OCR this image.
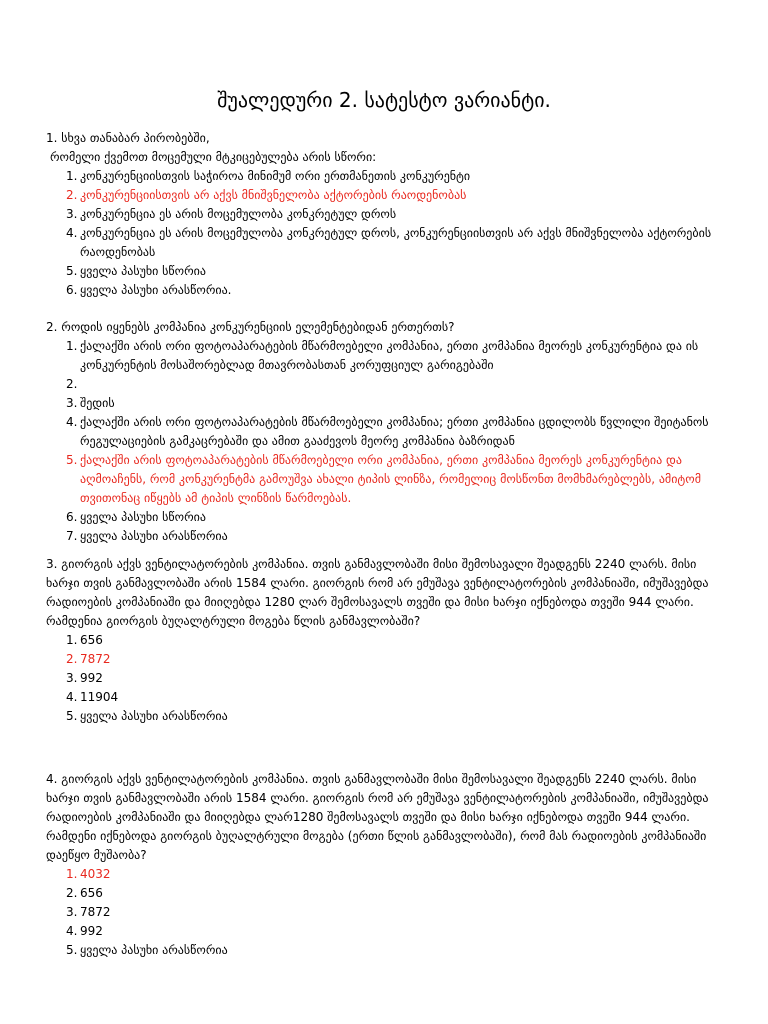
შუალედური 2. სატესტო ვარიანტი.
1. სხვა თანაბარ პირობებში,
რომელი ქვემოთ მოცემული მტკიცებულება არის სწორი:
1. კონკურენციისთვის საჭიროა მინიმუმ ორი ერთმანეთის კონკურენტი
2. კონკურენციისთვის არ აქვს მნიშვნელობა აქტორების რაოდენობას
3. კონკურენცია ეს არის მოცემულობა კონკრეტულ დროს
4. კონკურენცია ეს არის მოცემულობა კონკრეტულ დროს, კონკურენციისთვის არ აქვს მნიშვნელობა აქტორების რაოდენობას
5. ყველა პასუხი სწორია
6. ყველა პასუხი არასწორია.
2. როდის იყენებს კომპანია კონკურენციის ელემენტებიდან ერთერთს?
1. ქალაქში არის ორი ფოტოაპარატების მწარმოებელი კომპანია, ერთი კომპანია მეორეს კონკურენტია და ის კონკურენტის მოსაშორებლად მთავრობასთან კორუფციულ გარიგებაში
2.
3. შედის
4. ქალაქში არის ორი ფოტოაპარატების მწარმოებელი კომპანია; ერთი კომპანია ცდილობს წვლილი შეიტანოს რეგულაციების გამკაცრებაში და ამით გააძევოს მეორე კომპანია ბაზრიდან
5. ქალაქში არის ფოტოაპარატების მწარმოებელი ორი კომპანია, ერთი კომპანია მეორეს კონკურენტია და აღმოაჩენს, რომ კონკურენტმა გამოუშვა ახალი ტიპის ლინზა, რომელიც მოსწონთ მომხმარებლებს, ამიტომ თვითონაც იწყებს ამ ტიპის ლინზის წარმოებას.
6. ყველა პასუხი სწორია
7. ყველა პასუხი არასწორია
3. გიორგის აქვს ვენტილატორების კომპანია. თვის განმავლობაში მისი შემოსავალი შეადგენს 2240 ლარს. მისი ხარჯი თვის განმავლობაში არის 1584 ლარი. გიორგის რომ არ ემუშავა ვენტილატორების კომპანიაში, იმუშავებდა რადიოების კომპანიაში და მიიღებდა 1280 ლარ შემოსავალს თვეში და მისი ხარჯი იქნებოდა თვეში 944 ლარი. რამდენია გიორგის ბუღალტრული მოგება წლის განმავლობაში?
1. 656
2. 7872
3. 992
4. 11904
5. ყველა პასუხი არასწორია
4. გიორგის აქვს ვენტილატორების კომპანია. თვის განმავლობაში მისი შემოსავალი შეადგენს 2240 ლარს. მისი ხარჯი თვის განმავლობაში არის 1584 ლარი. გიორგის რომ არ ემუშავა ვენტილატორების კომპანიაში, იმუშავებდა რადიოების კომპანიაში და მიიღებდა ლარ1280 შემოსავალს თვეში და მისი ხარჯი იქნებოდა თვეში 944 ლარი. რამდენი იქნებოდა გიორგის ბუღალტრული მოგება (ერთი წლის განმავლობაში), რომ მას რადიოების კომპანიაში დაეწყო მუშაობა?
1. 4032
2. 656
3. 7872
4. 992
5. ყველა პასუხი არასწორია
